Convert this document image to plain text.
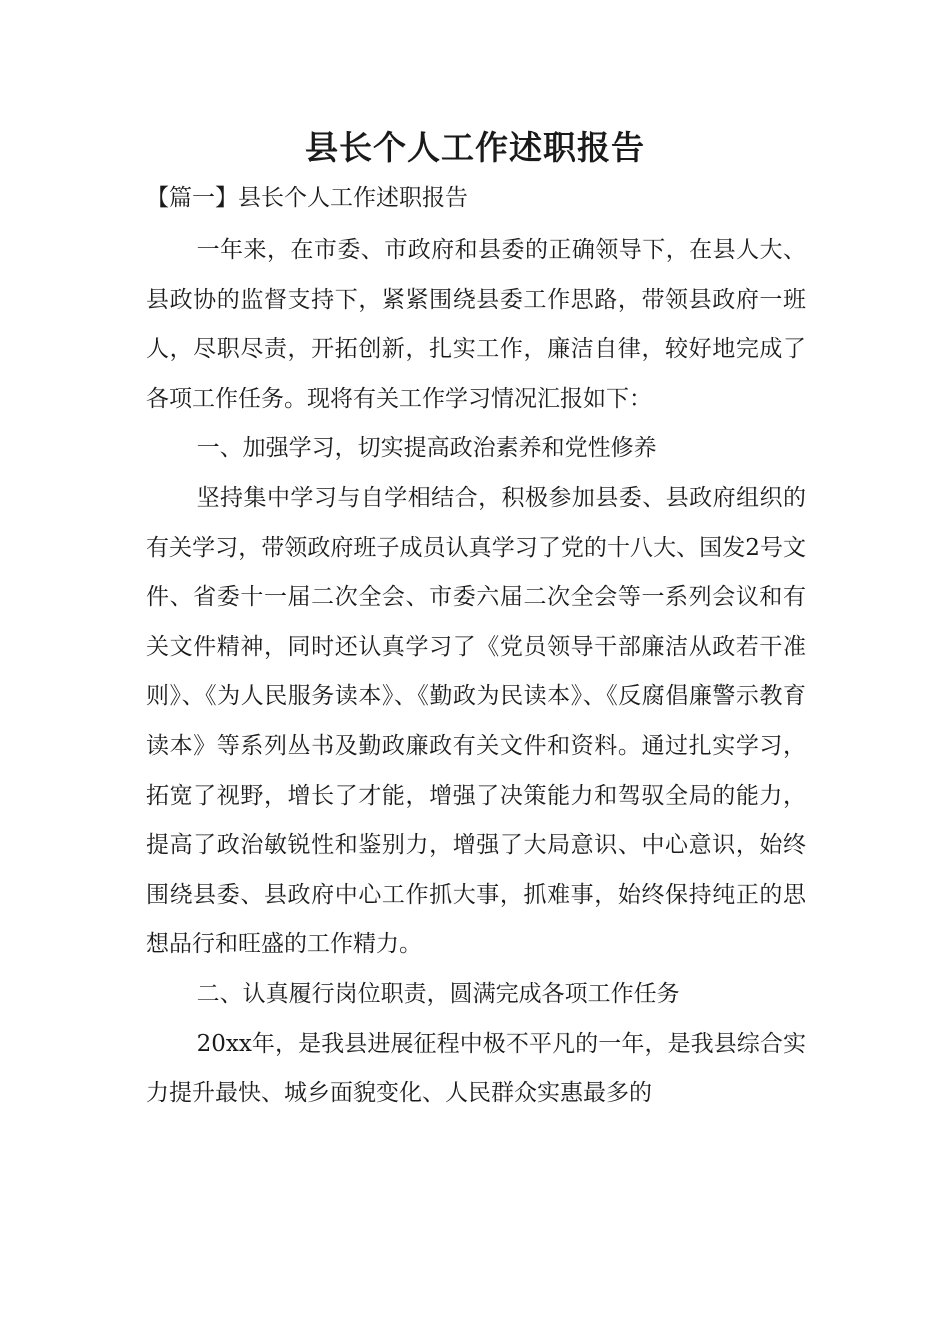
县长个人工作述职报告
【篇一】县长个人工作述职报告

一年来，在市委、市政府和县委的正确领导下，在县人大、县政协的监督支持下，紧紧围绕县委工作思路，带领县政府一班人，尽职尽责，开拓创新，扎实工作，廉洁自律，较好地完成了各项工作任务。现将有关工作学习情况汇报如下：

一、加强学习，切实提高政治素养和党性修养

坚持集中学习与自学相结合，积极参加县委、县政府组织的有关学习，带领政府班子成员认真学习了党的十八大、国发2号文件、省委十一届二次全会、市委六届二次全会等一系列会议和有关文件精神，同时还认真学习了《党员领导干部廉洁从政若干准则》、《为人民服务读本》、《勤政为民读本》、《反腐倡廉警示教育读本》等系列丛书及勤政廉政有关文件和资料。通过扎实学习，拓宽了视野，增长了才能，增强了决策能力和驾驭全局的能力，提高了政治敏锐性和鉴别力，增强了大局意识、中心意识，始终围绕县委、县政府中心工作抓大事，抓难事，始终保持纯正的思想品行和旺盛的工作精力。

二、认真履行岗位职责，圆满完成各项工作任务

20xx年，是我县进展征程中极不平凡的一年，是我县综合实力提升最快、城乡面貌变化、人民群众实惠最多的
